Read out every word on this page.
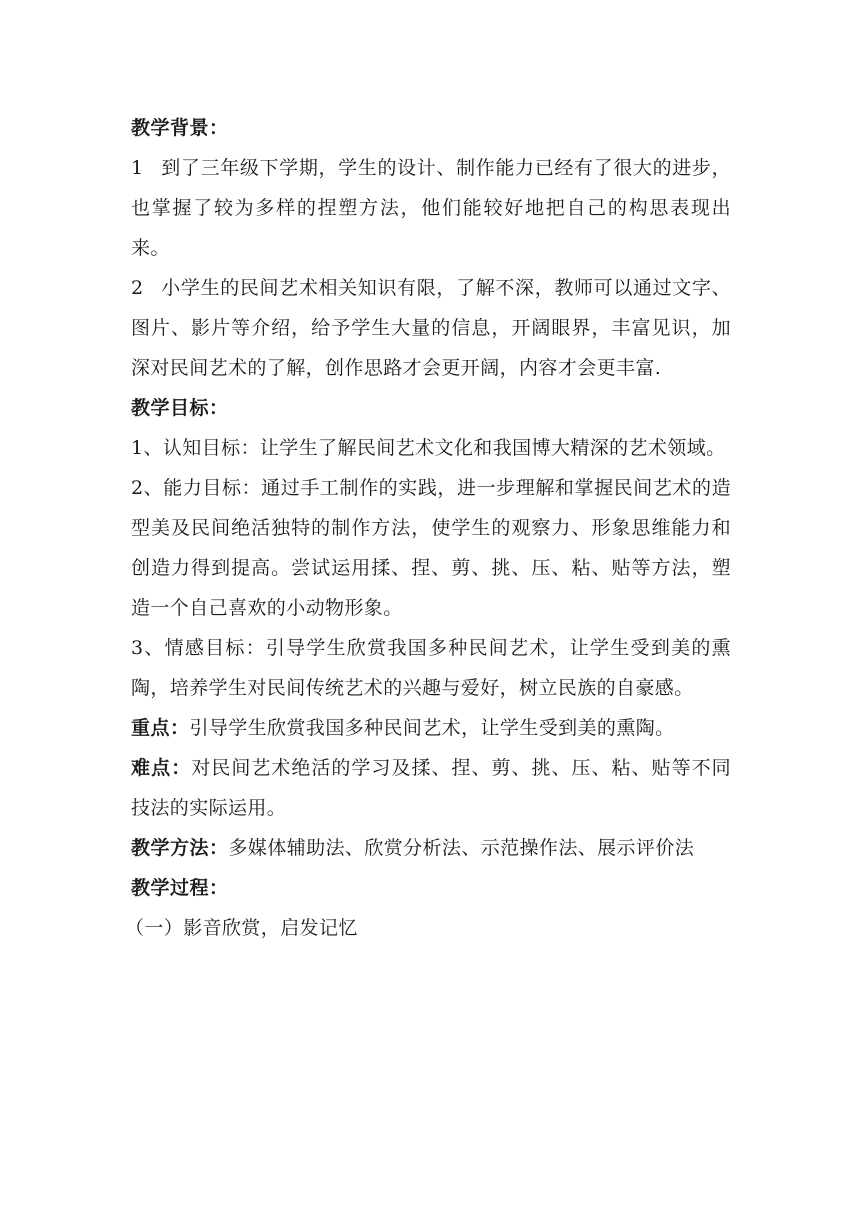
教学背景：

1 到了三年级下学期，学生的设计、制作能力已经有了很大的进步，也掌握了较为多样的捏塑方法，他们能较好地把自己的构思表现出来。

2 小学生的民间艺术相关知识有限，了解不深，教师可以通过文字、图片、影片等介绍，给予学生大量的信息，开阔眼界，丰富见识，加深对民间艺术的了解，创作思路才会更开阔，内容才会更丰富.

教学目标：

1、认知目标：让学生了解民间艺术文化和我国博大精深的艺术领域。

2、能力目标：通过手工制作的实践，进一步理解和掌握民间艺术的造型美及民间绝活独特的制作方法，使学生的观察力、形象思维能力和创造力得到提高。尝试运用揉、捏、剪、挑、压、粘、贴等方法，塑造一个自己喜欢的小动物形象。

3、情感目标：引导学生欣赏我国多种民间艺术，让学生受到美的熏陶，培养学生对民间传统艺术的兴趣与爱好，树立民族的自豪感。

重点：引导学生欣赏我国多种民间艺术，让学生受到美的熏陶。

难点：对民间艺术绝活的学习及揉、捏、剪、挑、压、粘、贴等不同技法的实际运用。

教学方法：多媒体辅助法、欣赏分析法、示范操作法、展示评价法

教学过程：

（一）影音欣赏，启发记忆
